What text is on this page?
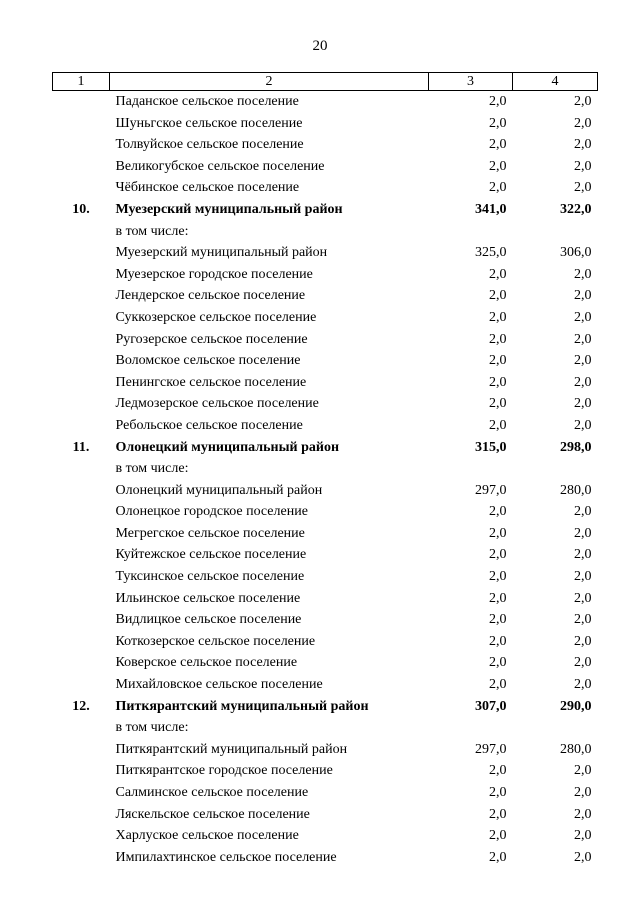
20
1	2	3	4
	Паданское сельское поселение	2,0	2,0
	Шуньгское сельское поселение	2,0	2,0
	Толвуйское сельское поселение	2,0	2,0
	Великогубское сельское поселение	2,0	2,0
	Чёбинское сельское поселение	2,0	2,0
10.	Муезерский муниципальный район	341,0	322,0
	в том числе:		
	Муезерский муниципальный район	325,0	306,0
	Муезерское городское поселение	2,0	2,0
	Лендерское сельское поселение	2,0	2,0
	Суккозерское сельское поселение	2,0	2,0
	Ругозерское сельское поселение	2,0	2,0
	Воломское сельское поселение	2,0	2,0
	Пенингское сельское поселение	2,0	2,0
	Ледмозерское сельское поселение	2,0	2,0
	Ребольское сельское поселение	2,0	2,0
11.	Олонецкий муниципальный район	315,0	298,0
	в том числе:		
	Олонецкий муниципальный район	297,0	280,0
	Олонецкое городское поселение	2,0	2,0
	Мегрегское сельское поселение	2,0	2,0
	Куйтежское сельское поселение	2,0	2,0
	Туксинское сельское поселение	2,0	2,0
	Ильинское сельское поселение	2,0	2,0
	Видлицкое сельское поселение	2,0	2,0
	Коткозерское сельское поселение	2,0	2,0
	Коверское сельское поселение	2,0	2,0
	Михайловское сельское поселение	2,0	2,0
12.	Питкярантский муниципальный район	307,0	290,0
	в том числе:		
	Питкярантский муниципальный район	297,0	280,0
	Питкярантское городское поселение	2,0	2,0
	Салминское сельское поселение	2,0	2,0
	Ляскельское сельское поселение	2,0	2,0
	Харлуское сельское поселение	2,0	2,0
	Импилахтинское сельское поселение	2,0	2,0
